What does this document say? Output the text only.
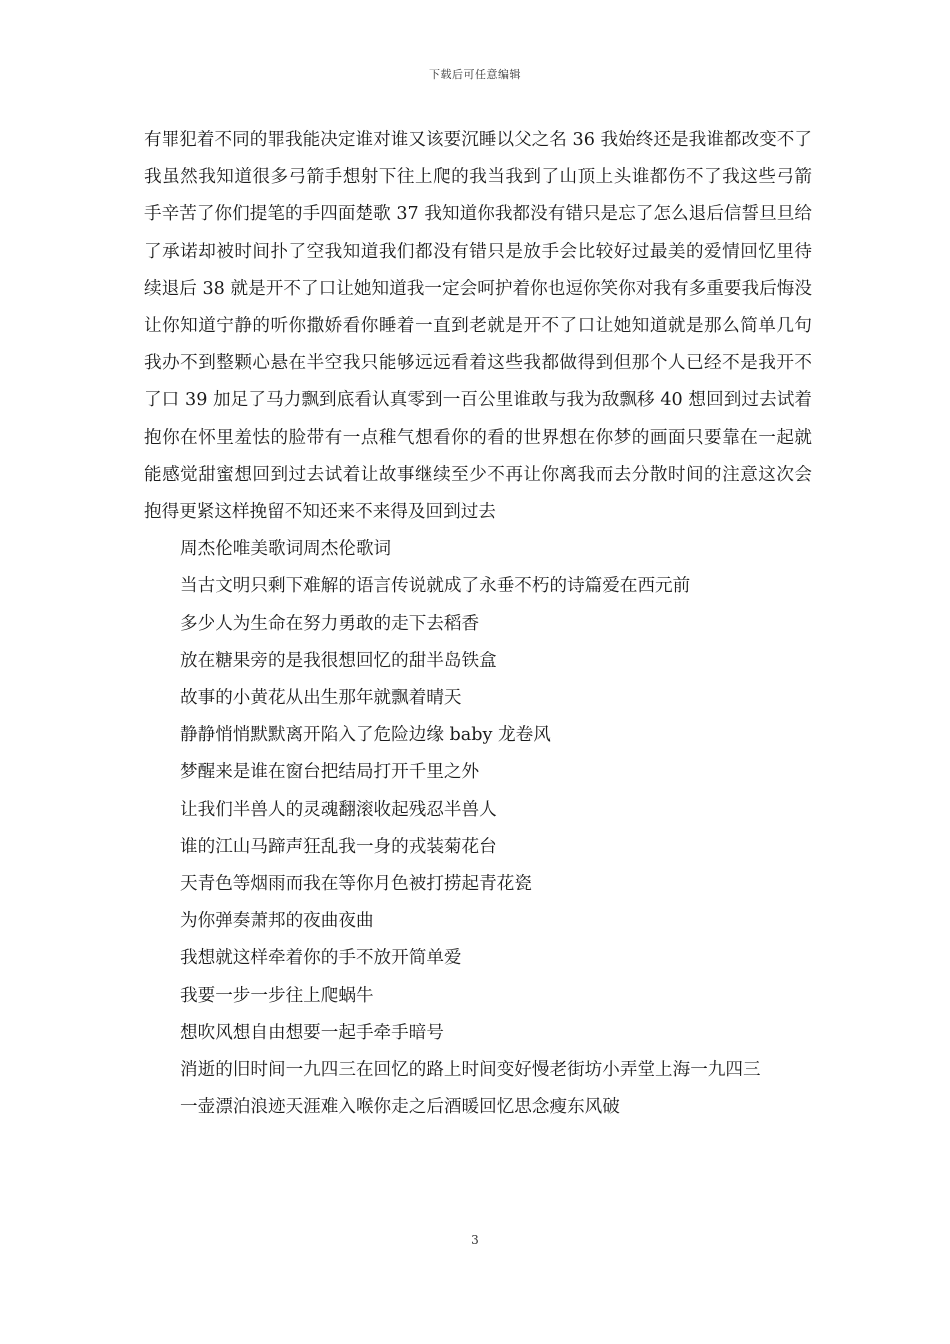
下载后可任意编辑

有罪犯着不同的罪我能决定谁对谁又该要沉睡以父之名 36 我始终还是我谁都改变不了我虽然我知道很多弓箭手想射下往上爬的我当我到了山顶上头谁都伤不了我这些弓箭手辛苦了你们提笔的手四面楚歌 37 我知道你我都没有错只是忘了怎么退后信誓旦旦给了承诺却被时间扑了空我知道我们都没有错只是放手会比较好过最美的爱情回忆里待续退后 38 就是开不了口让她知道我一定会呵护着你也逗你笑你对我有多重要我后悔没让你知道宁静的听你撒娇看你睡着一直到老就是开不了口让她知道就是那么简单几句我办不到整颗心悬在半空我只能够远远看着这些我都做得到但那个人已经不是我开不了口 39 加足了马力飘到底看认真零到一百公里谁敢与我为敌飘移 40 想回到过去试着抱你在怀里羞怯的脸带有一点稚气想看你的看的世界想在你梦的画面只要靠在一起就能感觉甜蜜想回到过去试着让故事继续至少不再让你离我而去分散时间的注意这次会抱得更紧这样挽留不知还来不来得及回到过去

周杰伦唯美歌词周杰伦歌词

当古文明只剩下难解的语言传说就成了永垂不朽的诗篇爱在西元前

多少人为生命在努力勇敢的走下去稻香

放在糖果旁的是我很想回忆的甜半岛铁盒

故事的小黄花从出生那年就飘着晴天

静静悄悄默默离开陷入了危险边缘 baby 龙卷风

梦醒来是谁在窗台把结局打开千里之外

让我们半兽人的灵魂翻滚收起残忍半兽人

谁的江山马蹄声狂乱我一身的戎装菊花台

天青色等烟雨而我在等你月色被打捞起青花瓷

为你弹奏萧邦的夜曲夜曲

我想就这样牵着你的手不放开简单爱

我要一步一步往上爬蜗牛

想吹风想自由想要一起手牵手暗号

消逝的旧时间一九四三在回忆的路上时间变好慢老街坊小弄堂上海一九四三

一壶漂泊浪迹天涯难入喉你走之后酒暖回忆思念瘦东风破

3
